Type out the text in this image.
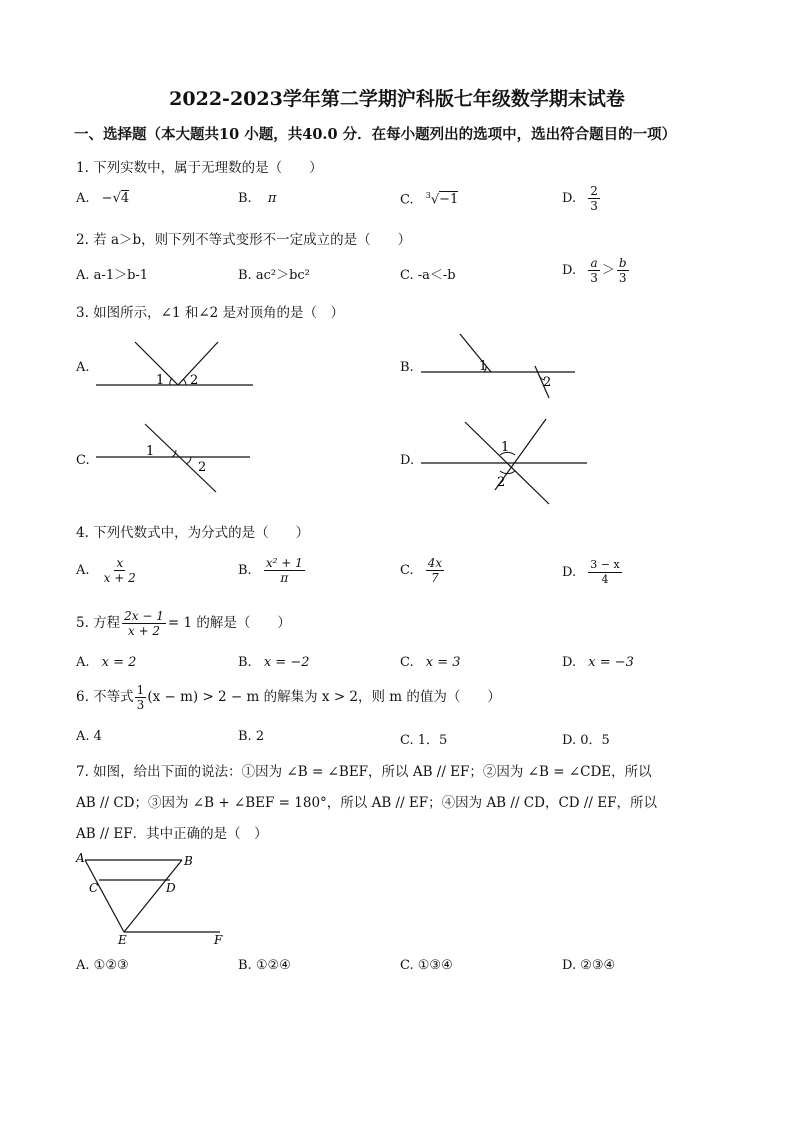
2022-2023学年第二学期沪科版七年级数学期末试卷
一、选择题（本大题共10 小题，共40.0 分．在每小题列出的选项中，选出符合题目的一项）
1. 下列实数中，属于无理数的是（　　）
A. −√4	B. π	C. $^3$√−1	D. $\frac{2}{3}$
2. 若 a＞b，则下列不等式变形不一定成立的是（　　）
A. a-1＞b-1	B. ac²＞bc²	C. -a＜-b	D. $\frac{a}{3} > \frac{b}{3}$
3. 如图所示，∠1 和∠2 是对顶角的是（　）
A.	B.
C.	D.
1 2
1
2
1
2
1
2
4. 下列代数式中，为分式的是（　　）
A. $\frac{x}{x + 2}$	B. $\frac{\text{x² + 1}}{\pi}$	C. $\frac{4x}{7}$	D. $\frac{3 - x}{4}$
5. 方程 $\frac{2x - 1}{x + 2} = 1$ 的解是（　　）
A. x = 2	B. x = −2	C. x = 3	D. x = −3
6. 不等式 $\frac{1}{3} (x - m) > 2 - m$ 的解集为 x > 2，则 m 的值为（　　）
A. 4	B. 2	C. 1．5	D. 0．5
7. 如图，给出下面的说法：①因为 ∠B = ∠BEF，所以 AB // EF；②因为 ∠B = ∠CDE，所以
AB // CD；③因为 ∠B + ∠BEF = 180°，所以 AB // EF；④因为 AB // CD，CD // EF，所以
AB // EF．其中正确的是（　）
A	B
C	D
E	F
A. ①②③	B. ①②④	C. ①③④	D. ②③④
